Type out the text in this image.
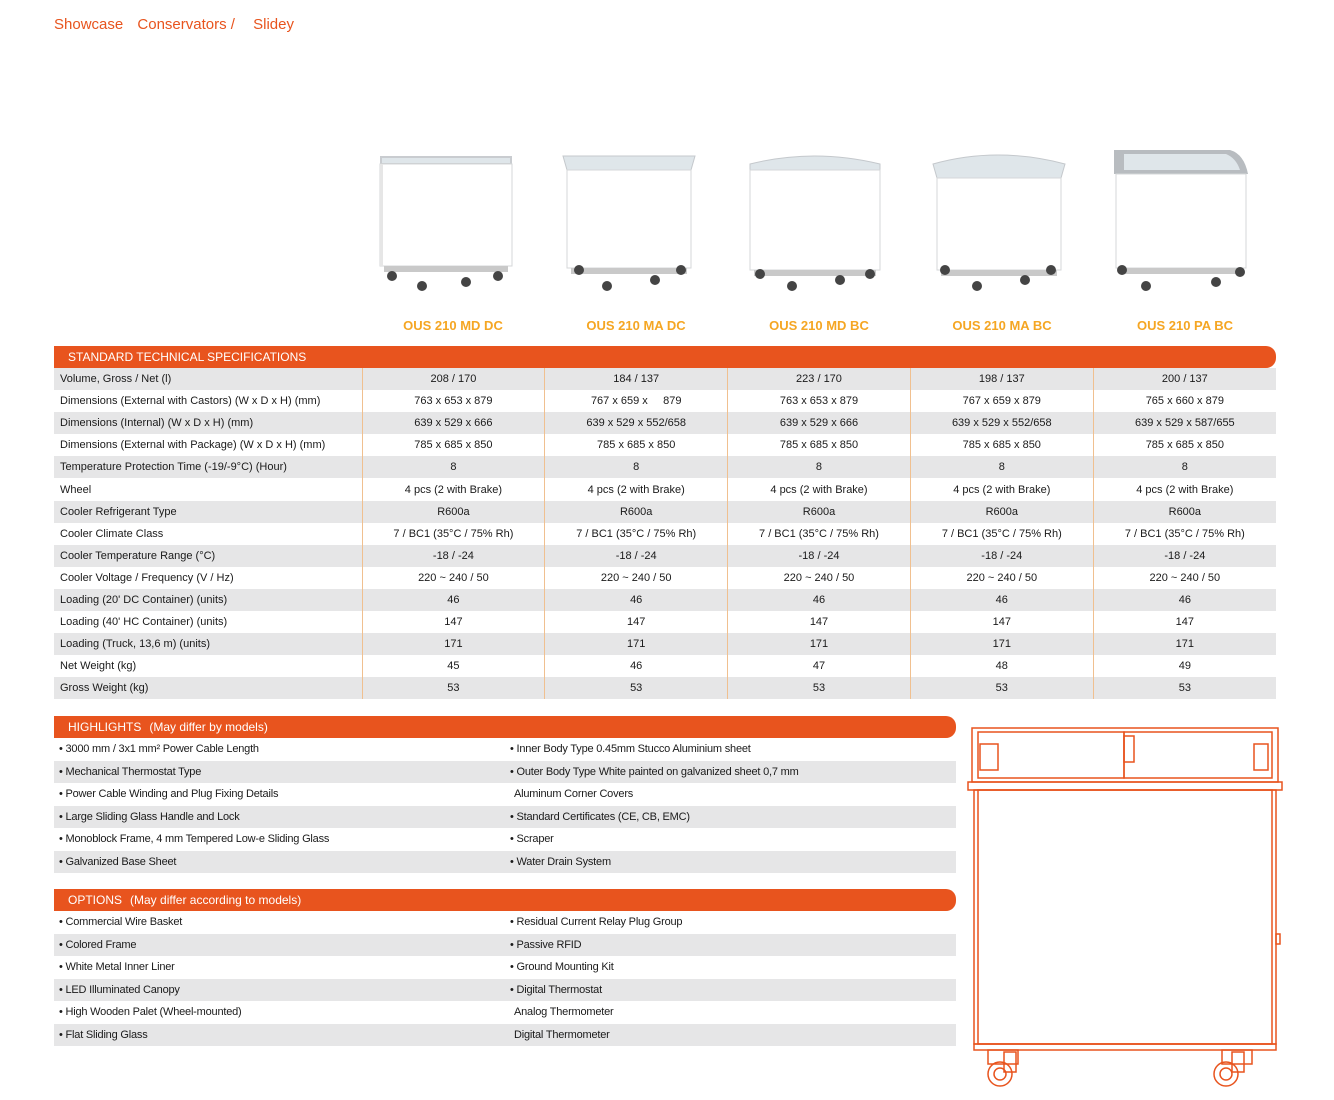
Showcase Conservators / Slidey
OUS 210 MD DC	OUS 210 MA DC	OUS 210 MD BC	OUS 210 MA BC	OUS 210 PA BC
STANDARD TECHNICAL SPECIFICATIONS
Volume, Gross / Net (l)	208 / 170	184 / 137	223 / 170	198 / 137	200 / 137
Dimensions (External with Castors) (W x D x H) (mm)	763 x 653 x 879	767 x 659 x     879	763 x 653 x 879	767 x 659 x 879	765 x 660 x 879
Dimensions (Internal) (W x D x H) (mm)	639 x 529 x 666	639 x 529 x 552/658	639 x 529 x 666	639 x 529 x 552/658	639 x 529 x 587/655
Dimensions (External with Package) (W x D x H) (mm)	785 x 685 x 850	785 x 685 x 850	785 x 685 x 850	785 x 685 x 850	785 x 685 x 850
Temperature Protection Time (-19/-9°C) (Hour)	8	8	8	8	8
Wheel	4 pcs (2 with Brake)	4 pcs (2 with Brake)	4 pcs (2 with Brake)	4 pcs (2 with Brake)	4 pcs (2 with Brake)
Cooler Refrigerant Type	R600a	R600a	R600a	R600a	R600a
Cooler Climate Class	7 / BC1 (35°C / 75% Rh)	7 / BC1 (35°C / 75% Rh)	7 / BC1 (35°C / 75% Rh)	7 / BC1 (35°C / 75% Rh)	7 / BC1 (35°C / 75% Rh)
Cooler Temperature Range (°C)	-18 / -24	-18 / -24	-18 / -24	-18 / -24	-18 / -24
Cooler Voltage / Frequency (V / Hz)	220 ~ 240 / 50	220 ~ 240 / 50	220 ~ 240 / 50	220 ~ 240 / 50	220 ~ 240 / 50
Loading (20' DC Container) (units)	46	46	46	46	46
Loading (40' HC Container) (units)	147	147	147	147	147
Loading (Truck, 13,6 m) (units)	171	171	171	171	171
Net Weight (kg)	45	46	47	48	49
Gross Weight (kg)	53	53	53	53	53
HIGHLIGHTS (May differ by models)
• 3000 mm / 3x1 mm² Power Cable Length	• Inner Body Type 0.45mm Stucco Aluminium sheet
• Mechanical Thermostat Type	• Outer Body Type White painted on galvanized sheet 0,7 mm
• Power Cable Winding and Plug Fixing Details	Aluminum Corner Covers
• Large Sliding Glass Handle and Lock	• Standard Certificates (CE, CB, EMC)
• Monoblock Frame, 4 mm Tempered Low-e Sliding Glass	• Scraper
• Galvanized Base Sheet	• Water Drain System
OPTIONS (May differ according to models)
• Commercial Wire Basket	• Residual Current Relay Plug Group
• Colored Frame	• Passive RFID
• White Metal Inner Liner	• Ground Mounting Kit
• LED Illuminated Canopy	• Digital Thermostat
• High Wooden Palet (Wheel-mounted)	Analog Thermometer
• Flat Sliding Glass	Digital Thermometer
